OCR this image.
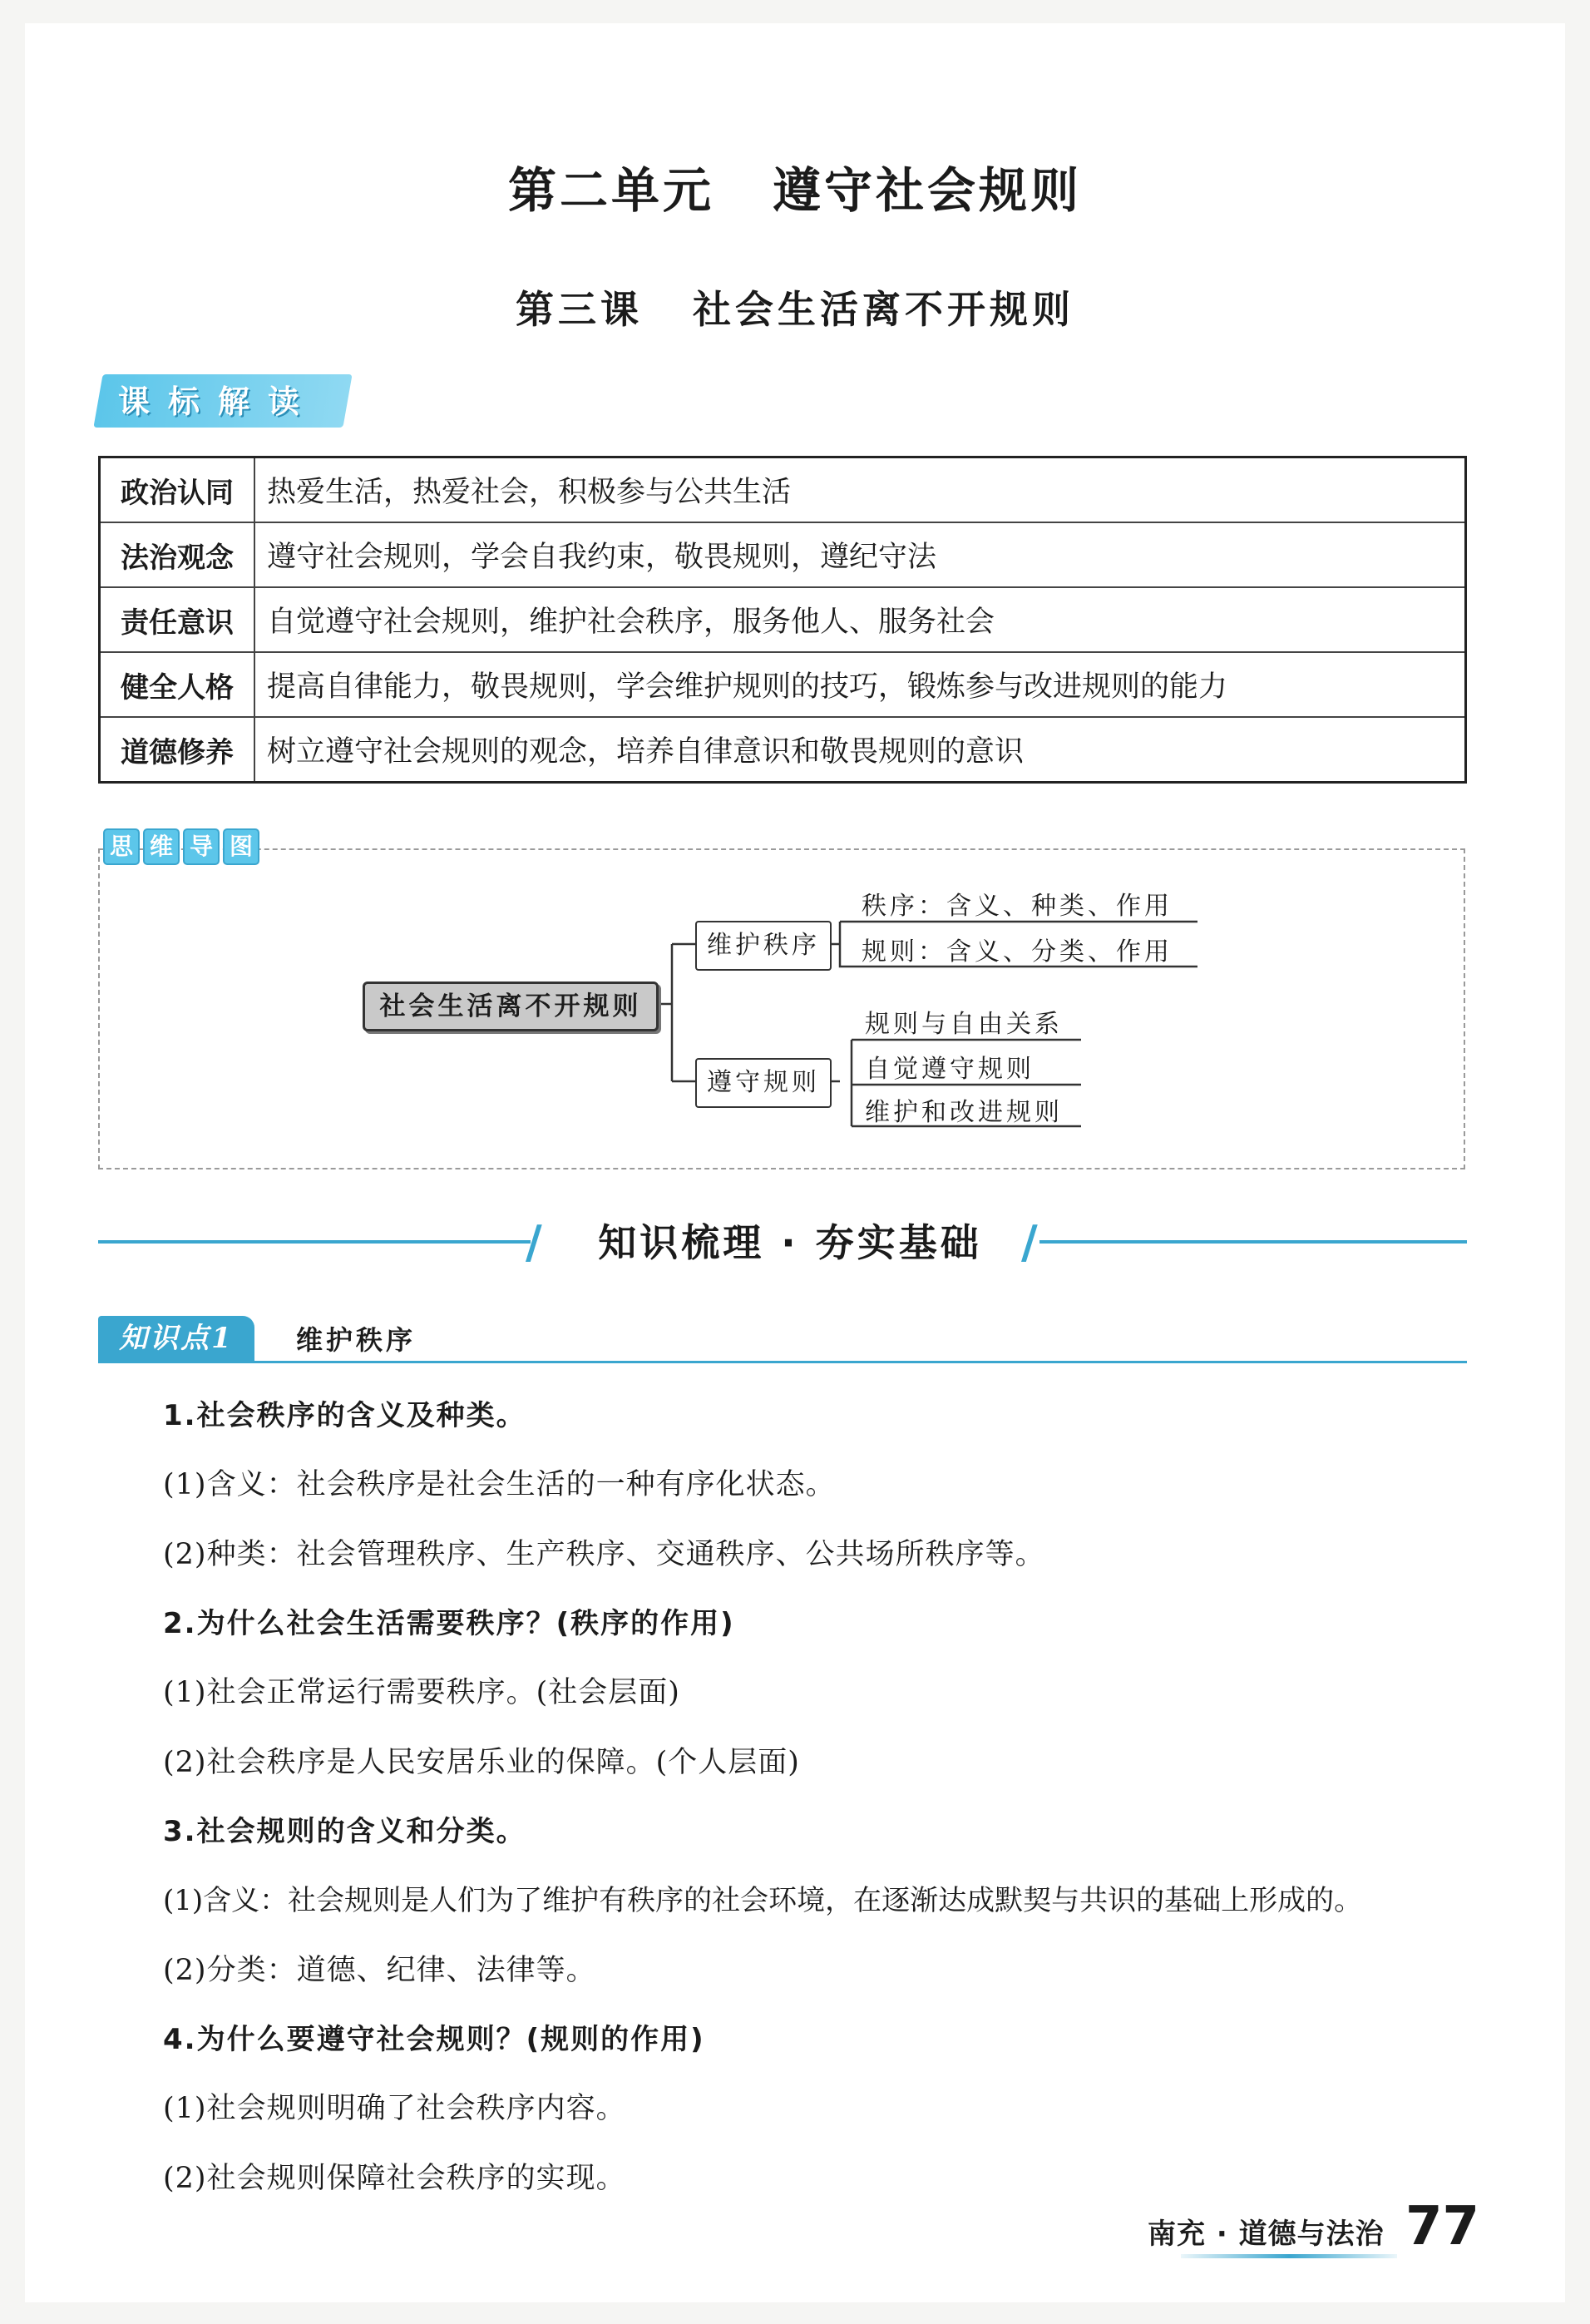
第二单元 遵守社会规则
第三课 社会生活离不开规则
课标解读
政治认同	热爱生活，热爱社会，积极参与公共生活
法治观念	遵守社会规则，学会自我约束，敬畏规则，遵纪守法
责任意识	自觉遵守社会规则，维护社会秩序，服务他人、服务社会
健全人格	提高自律能力，敬畏规则，学会维护规则的技巧，锻炼参与改进规则的能力
道德修养	树立遵守社会规则的观念，培养自律意识和敬畏规则的意识
思 维 导 图
社会生活离不开规则
维护秩序
遵守规则
秩序：含义、种类、作用
规则：含义、分类、作用
规则与自由关系
自觉遵守规则
维护和改进规则
/	/
知识梳理 · 夯实基础
知识点1	维护秩序
1.社会秩序的含义及种类。
(1)含义：社会秩序是社会生活的一种有序化状态。
(2)种类：社会管理秩序、生产秩序、交通秩序、公共场所秩序等。
2.为什么社会生活需要秩序？(秩序的作用)
(1)社会正常运行需要秩序。(社会层面)
(2)社会秩序是人民安居乐业的保障。(个人层面)
3.社会规则的含义和分类。
(1)含义：社会规则是人们为了维护有秩序的社会环境，在逐渐达成默契与共识的基础上形成的。
(2)分类：道德、纪律、法律等。
4.为什么要遵守社会规则？(规则的作用)
(1)社会规则明确了社会秩序内容。
(2)社会规则保障社会秩序的实现。
南充 · 道德与法治 77
